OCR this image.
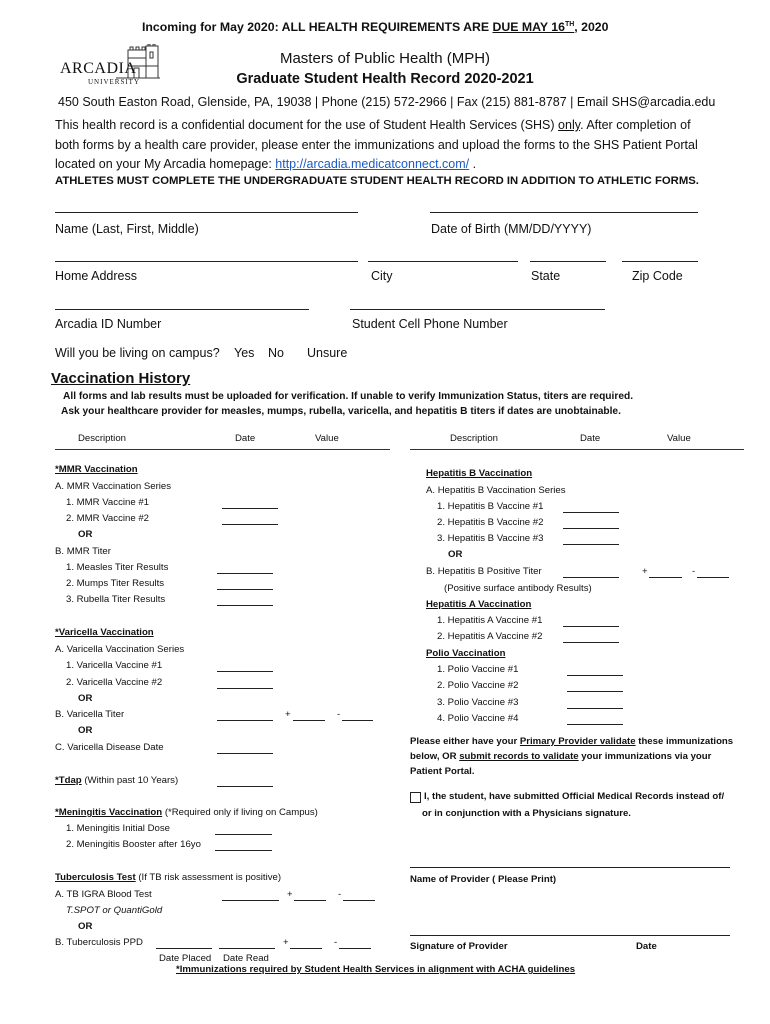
Incoming for May 2020: ALL HEALTH REQUIREMENTS ARE DUE MAY 16TH, 2020
ARCADIA
UNIVERSITY
Masters of Public Health (MPH)
Graduate Student Health Record 2020-2021
450 South Easton Road, Glenside, PA, 19038 | Phone (215) 572-2966 | Fax (215) 881-8787 | Email SHS@arcadia.edu
This health record is a confidential document for the use of Student Health Services (SHS) only. After completion of
both forms by a health care provider, please enter the immunizations and upload the forms to the SHS Patient Portal
located on your My Arcadia homepage: http://arcadia.medicatconnect.com/ .
ATHLETES MUST COMPLETE THE UNDERGRADUATE STUDENT HEALTH RECORD IN ADDITION TO ATHLETIC FORMS.
Name (Last, First, Middle)	Date of Birth (MM/DD/YYYY)
Home Address	City	State	Zip Code
Arcadia ID Number	Student Cell Phone Number
Will you be living on campus? Yes No Unsure
Vaccination History
All forms and lab results must be uploaded for verification. If unable to verify Immunization Status, titers are required.
Ask your healthcare provider for measles, mumps, rubella, varicella, and hepatitis B titers if dates are unobtainable.
Description	Date	Value	Description	Date	Value
*MMR Vaccination
A. MMR Vaccination Series
1. MMR Vaccine #1
2. MMR Vaccine #2
OR
B. MMR Titer
1. Measles Titer Results
2. Mumps Titer Results
3. Rubella Titer Results
*Varicella Vaccination
A. Varicella Vaccination Series
1. Varicella Vaccine #1
2. Varicella Vaccine #2
OR
B. Varicella Titer	+	-
OR
C. Varicella Disease Date
*Tdap (Within past 10 Years)
*Meningitis Vaccination (*Required only if living on Campus)
1. Meningitis Initial Dose
2. Meningitis Booster after 16yo
Tuberculosis Test (If TB risk assessment is positive)
A. TB IGRA Blood Test	+	-
T.SPOT or QuantiGold
OR
B. Tuberculosis PPD	+	-
Date Placed Date Read
Hepatitis B Vaccination
A. Hepatitis B Vaccination Series
1. Hepatitis B Vaccine #1
2. Hepatitis B Vaccine #2
3. Hepatitis B Vaccine #3
OR
B. Hepatitis B Positive Titer	+	-
(Positive surface antibody Results)
Hepatitis A Vaccination
1. Hepatitis A Vaccine #1
2. Hepatitis A Vaccine #2
Polio Vaccination
1. Polio Vaccine #1
2. Polio Vaccine #2
3. Polio Vaccine #3
4. Polio Vaccine #4
Please either have your Primary Provider validate these immunizations
below, OR submit records to validate your immunizations via your
Patient Portal.
I, the student, have submitted Official Medical Records instead of/
or in conjunction with a Physicians signature.
Name of Provider ( Please Print)
Signature of Provider	Date
*Immunizations required by Student Health Services in alignment with ACHA guidelines
